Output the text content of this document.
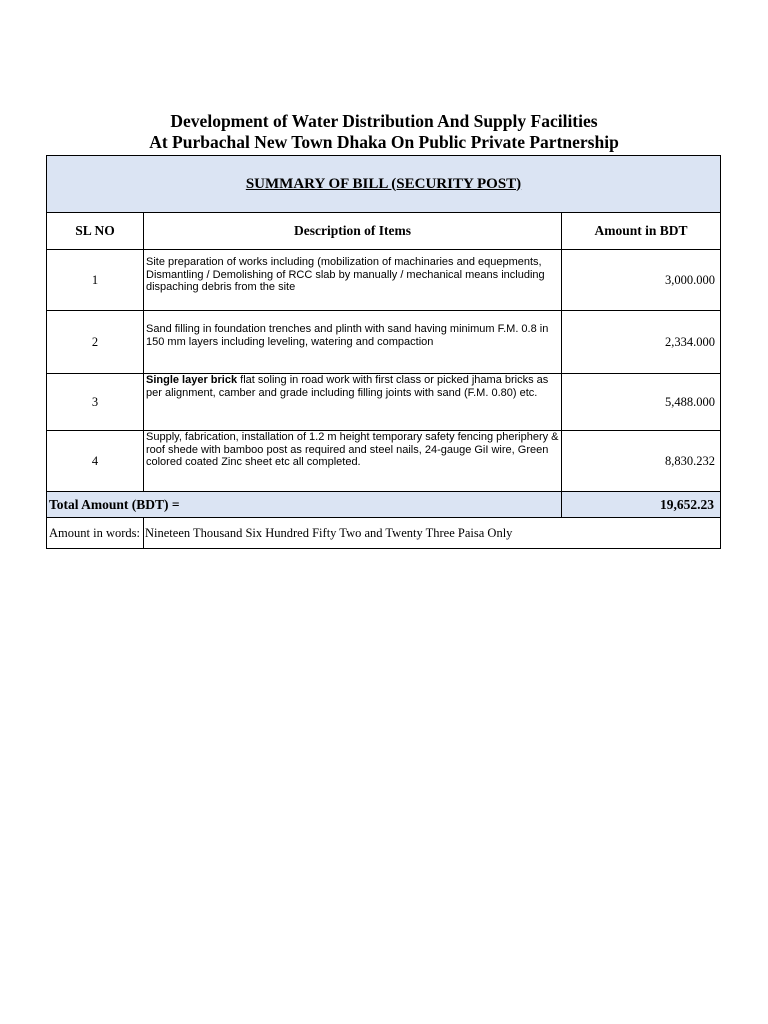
Development of Water Distribution And Supply Facilities
At Purbachal New Town Dhaka On Public Private Partnership
SUMMARY OF BILL (SECURITY POST)		
SL NO	Description of Items	Amount in BDT
1	Site preparation of works including (mobilization of machinaries and equepments, Dismantling / Demolishing of RCC slab by manually / mechanical means including dispaching debris from the site	3,000.000
2	Sand filling in foundation trenches and plinth with sand having minimum F.M. 0.8 in 150 mm layers including leveling, watering and compaction	2,334.000
3	Single layer brick flat soling in road work with first class or picked jhama bricks as per alignment, camber and grade including filling joints with sand (F.M. 0.80) etc.	5,488.000
4	Supply, fabrication, installation of 1.2 m height temporary safety fencing pheriphery & roof shede with bamboo post as required and steel nails, 24-gauge GiI wire, Green colored coated Zinc sheet etc all completed.	8,830.232
Total Amount (BDT) =		19,652.23
Amount in words:	Nineteen Thousand Six Hundred Fifty Two and Twenty Three Paisa Only	
